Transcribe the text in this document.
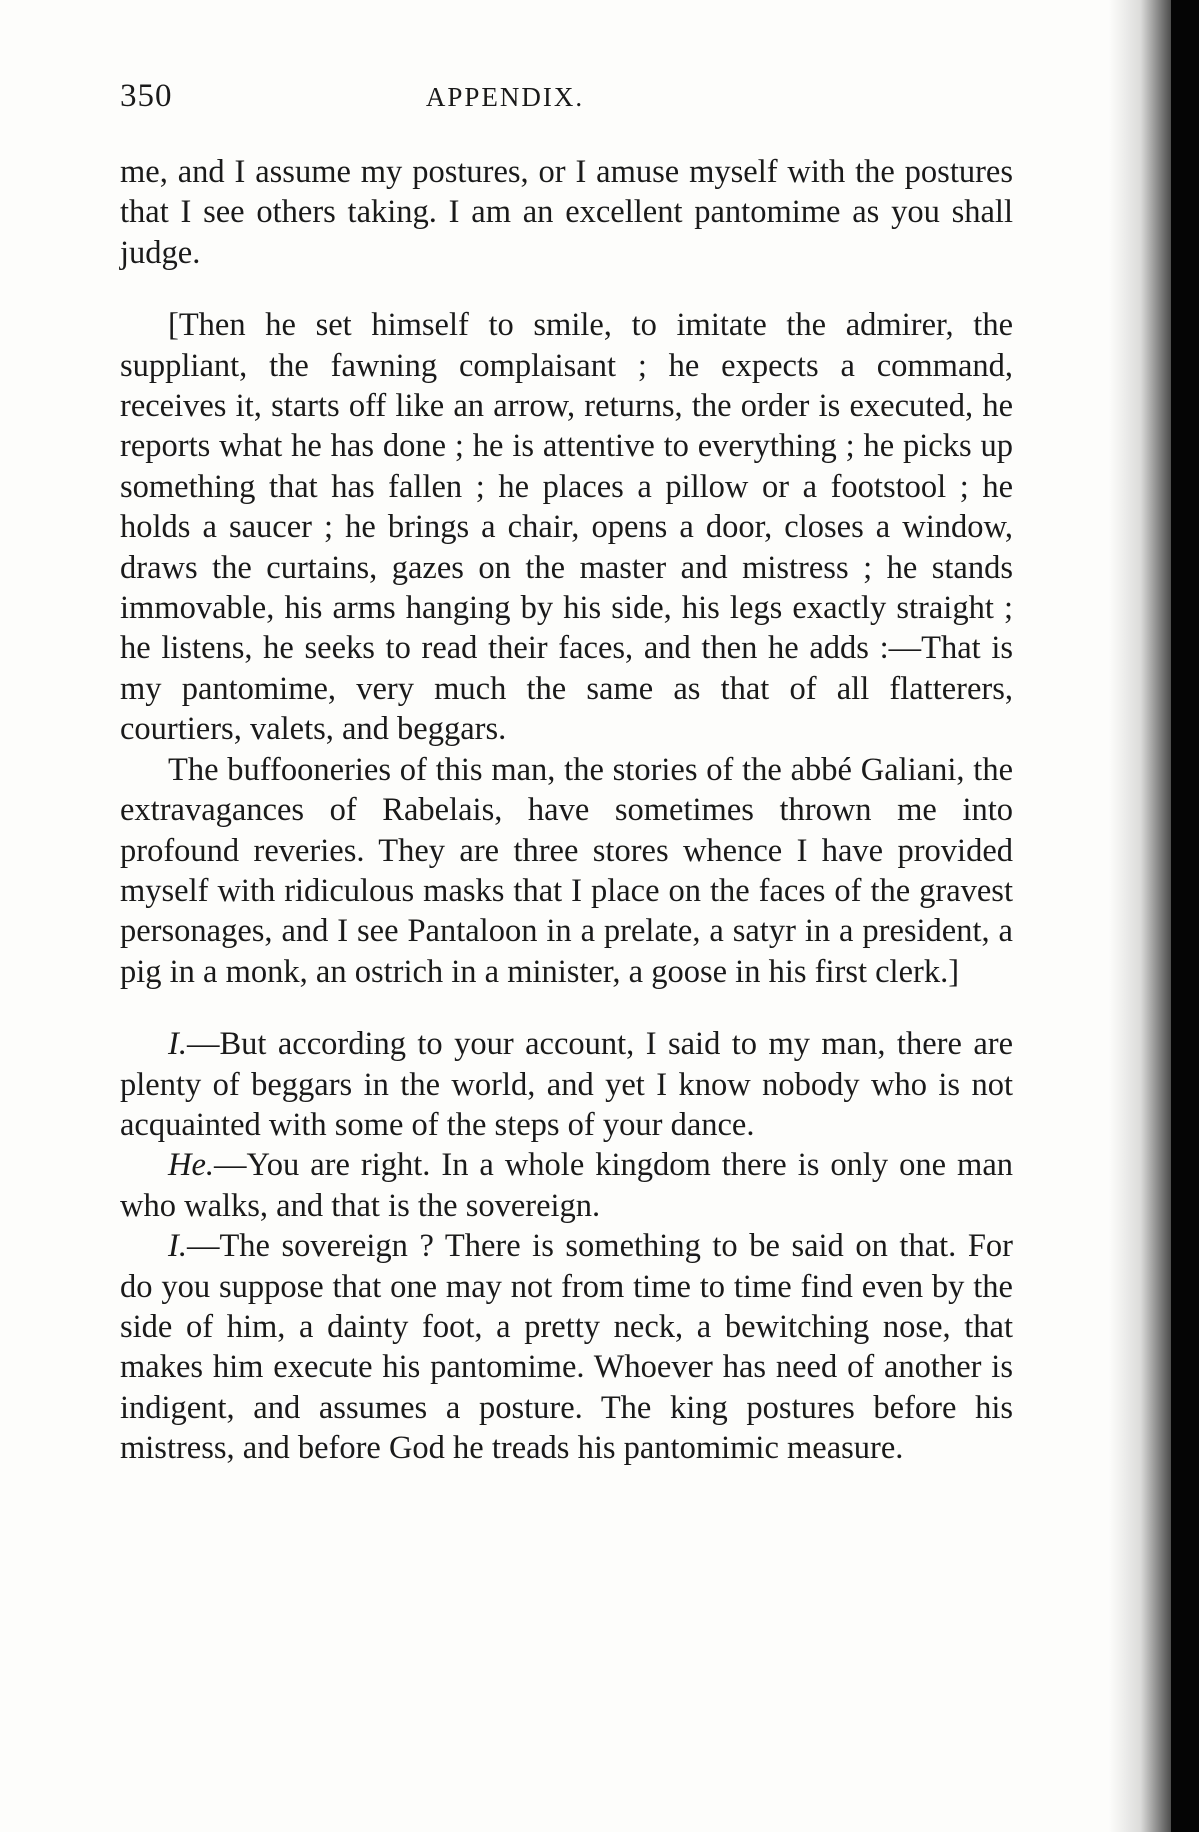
350	APPENDIX.

me, and I assume my postures, or I amuse myself with the postures that I see others taking. I am an excellent pantomime as you shall judge.

[Then he set himself to smile, to imitate the admirer, the suppliant, the fawning complaisant ; he expects a command, receives it, starts off like an arrow, returns, the order is executed, he reports what he has done ; he is attentive to everything ; he picks up something that has fallen ; he places a pillow or a footstool ; he holds a saucer ; he brings a chair, opens a door, closes a window, draws the curtains, gazes on the master and mistress ; he stands immovable, his arms hanging by his side, his legs exactly straight ; he listens, he seeks to read their faces, and then he adds :—That is my pantomime, very much the same as that of all flatterers, courtiers, valets, and beggars.

The buffooneries of this man, the stories of the abbé Galiani, the extravagances of Rabelais, have sometimes thrown me into profound reveries. They are three stores whence I have provided myself with ridiculous masks that I place on the faces of the gravest personages, and I see Pantaloon in a prelate, a satyr in a president, a pig in a monk, an ostrich in a minister, a goose in his first clerk.]

I.—But according to your account, I said to my man, there are plenty of beggars in the world, and yet I know nobody who is not acquainted with some of the steps of your dance.

He.—You are right. In a whole kingdom there is only one man who walks, and that is the sovereign.

I.—The sovereign ? There is something to be said on that. For do you suppose that one may not from time to time find even by the side of him, a dainty foot, a pretty neck, a bewitching nose, that makes him execute his pantomime. Whoever has need of another is indigent, and assumes a posture. The king postures before his mistress, and before God he treads his pantomimic measure.
